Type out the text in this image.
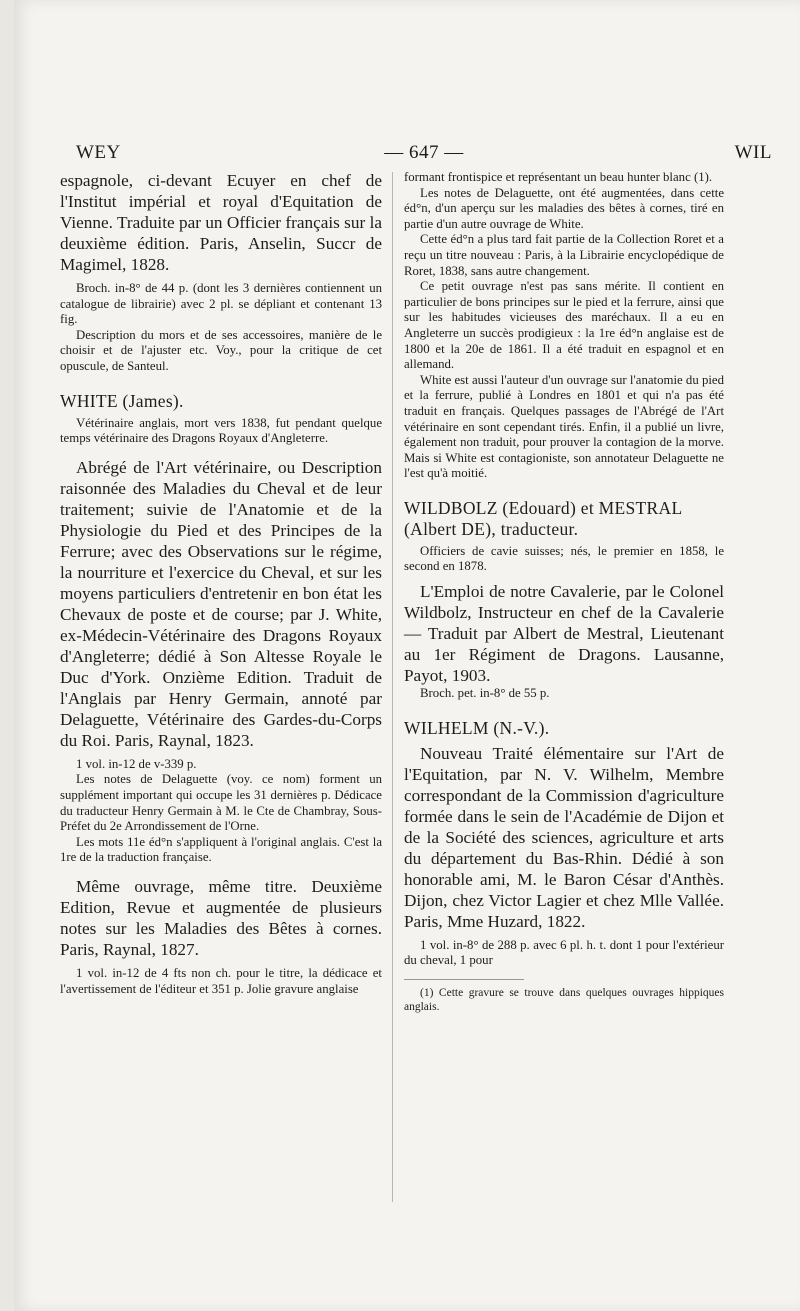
WEY	— 647 —	WIL

espagnole, ci-devant Ecuyer en chef de l'Institut impérial et royal d'Equitation de Vienne. Traduite par un Officier français sur la deuxième édition. Paris, Anselin, Succr de Magimel, 1828.

Broch. in-8° de 44 p. (dont les 3 dernières contiennent un catalogue de librairie) avec 2 pl. se dépliant et contenant 13 fig.

Description du mors et de ses accessoires, manière de le choisir et de l'ajuster etc. Voy., pour la critique de cet opuscule, de Santeul.

WHITE (James).

Vétérinaire anglais, mort vers 1838, fut pendant quelque temps vétérinaire des Dragons Royaux d'Angleterre.

Abrégé de l'Art vétérinaire, ou Description raisonnée des Maladies du Cheval et de leur traitement; suivie de l'Anatomie et de la Physiologie du Pied et des Principes de la Ferrure; avec des Observations sur le régime, la nourriture et l'exercice du Cheval, et sur les moyens particuliers d'entretenir en bon état les Chevaux de poste et de course; par J. White, ex-Médecin-Vétérinaire des Dragons Royaux d'Angleterre; dédié à Son Altesse Royale le Duc d'York. Onzième Edition. Traduit de l'Anglais par Henry Germain, annoté par Delaguette, Vétérinaire des Gardes-du-Corps du Roi. Paris, Raynal, 1823.

1 vol. in-12 de v-339 p.

Les notes de Delaguette (voy. ce nom) forment un supplément important qui occupe les 31 dernières p. Dédicace du traducteur Henry Germain à M. le Cte de Chambray, Sous-Préfet du 2e Arrondissement de l'Orne.

Les mots 11e éd°n s'appliquent à l'original anglais. C'est la 1re de la traduction française.

Même ouvrage, même titre. Deuxième Edition, Revue et augmentée de plusieurs notes sur les Maladies des Bêtes à cornes. Paris, Raynal, 1827.

1 vol. in-12 de 4 fts non ch. pour le titre, la dédicace et l'avertissement de l'éditeur et 351 p. Jolie gravure anglaise

formant frontispice et représentant un beau hunter blanc (1).

Les notes de Delaguette, ont été augmentées, dans cette éd°n, d'un aperçu sur les maladies des bêtes à cornes, tiré en partie d'un autre ouvrage de White.

Cette éd°n a plus tard fait partie de la Collection Roret et a reçu un titre nouveau : Paris, à la Librairie encyclopédique de Roret, 1838, sans autre changement.

Ce petit ouvrage n'est pas sans mérite. Il contient en particulier de bons principes sur le pied et la ferrure, ainsi que sur les habitudes vicieuses des maréchaux. Il a eu en Angleterre un succès prodigieux : la 1re éd°n anglaise est de 1800 et la 20e de 1861. Il a été traduit en espagnol et en allemand.

White est aussi l'auteur d'un ouvrage sur l'anatomie du pied et la ferrure, publié à Londres en 1801 et qui n'a pas été traduit en français. Quelques passages de l'Abrégé de l'Art vétérinaire en sont cependant tirés. Enfin, il a publié un livre, également non traduit, pour prouver la contagion de la morve. Mais si White est contagioniste, son annotateur Delaguette ne l'est qu'à moitié.

WILDBOLZ (Edouard) et MESTRAL (Albert DE), traducteur.

Officiers de cavie suisses; nés, le premier en 1858, le second en 1878.

L'Emploi de notre Cavalerie, par le Colonel Wildbolz, Instructeur en chef de la Cavalerie — Traduit par Albert de Mestral, Lieutenant au 1er Régiment de Dragons. Lausanne, Payot, 1903.

Broch. pet. in-8° de 55 p.

WILHELM (N.-V.).

Nouveau Traité élémentaire sur l'Art de l'Equitation, par N. V. Wilhelm, Membre correspondant de la Commission d'agriculture formée dans le sein de l'Académie de Dijon et de la Société des sciences, agriculture et arts du département du Bas-Rhin. Dédié à son honorable ami, M. le Baron César d'Anthès. Dijon, chez Victor Lagier et chez Mlle Vallée. Paris, Mme Huzard, 1822.

1 vol. in-8° de 288 p. avec 6 pl. h. t. dont 1 pour l'extérieur du cheval, 1 pour

(1) Cette gravure se trouve dans quelques ouvrages hippiques anglais.
